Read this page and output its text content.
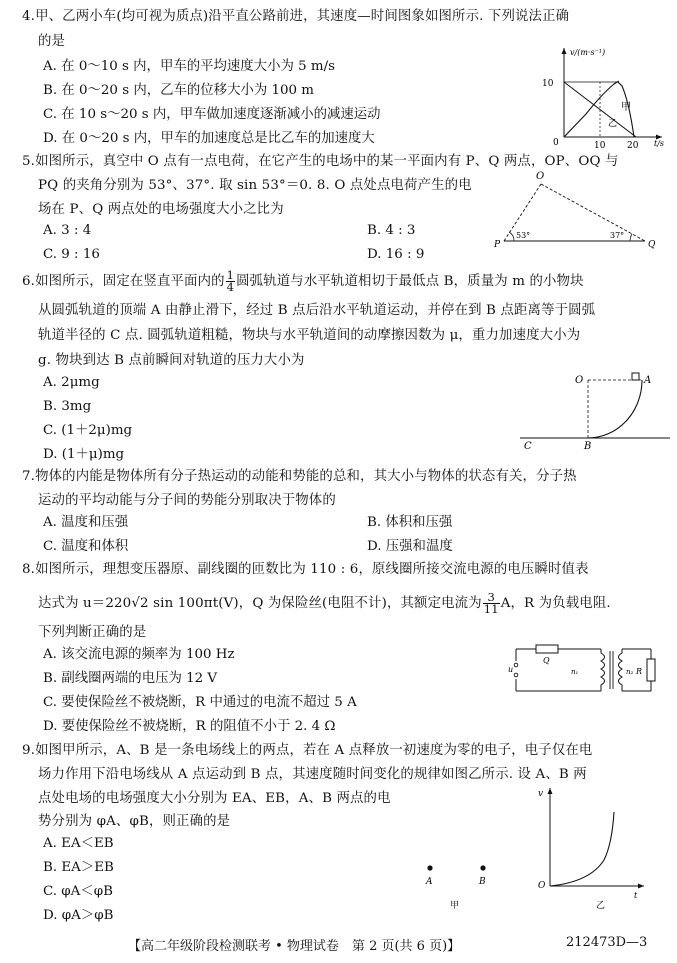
4.甲、乙两小车(均可视为质点)沿平直公路前进，其速度—时间图象如图所示. 下列说法正确
的是
A. 在 0～10 s 内，甲车的平均速度大小为 5 m/s
B. 在 0～20 s 内，乙车的位移大小为 100 m
C. 在 10 s～20 s 内，甲车做加速度逐渐减小的减速运动
D. 在 0～20 s 内，甲车的加速度总是比乙车的加速度大
v/(m·s⁻¹)
10
甲
乙
0	10 20 t/s
5.如图所示，真空中 O 点有一点电荷，在它产生的电场中的某一平面内有 P、Q 两点，OP、OQ 与
PQ 的夹角分别为 53°、37°. 取 sin 53°＝0. 8. O 点处点电荷产生的电
场在 P、Q 两点处的电场强度大小之比为
A. 3 : 4	B. 4 : 3
C. 9 : 16	D. 16 : 9
O
P	Q
53°	37°
6.如图所示，固定在竖直平面内的 $\frac{1}{4}$ 圆弧轨道与水平轨道相切于最低点 B，质量为 m 的小物块
从圆弧轨道的顶端 A 由静止滑下，经过 B 点后沿水平轨道运动，并停在到 B 点距离等于圆弧
轨道半径的 C 点. 圆弧轨道粗糙，物块与水平轨道间的动摩擦因数为 μ，重力加速度大小为
g. 物块到达 B 点前瞬间对轨道的压力大小为
A. 2μmg
B. 3mg
C. (1＋2μ)mg
D. (1＋μ)mg
O	A
B
C
7.物体的内能是物体所有分子热运动的动能和势能的总和，其大小与物体的状态有关，分子热
运动的平均动能与分子间的势能分别取决于物体的
A. 温度和压强	B. 体积和压强
C. 温度和体积	D. 压强和温度
8.如图所示，理想变压器原、副线圈的匝数比为 110 : 6，原线圈所接交流电源的电压瞬时值表
达式为 u＝220√2 sin 100πt(V)，Q 为保险丝(电阻不计)，其额定电流为 $\frac{3}{11}$ A，R 为负载电阻.
下列判断正确的是
A. 该交流电源的频率为 100 Hz
B. 副线圈两端的电压为 12 V
C. 要使保险丝不被烧断，R 中通过的电流不超过 5 A
D. 要使保险丝不被烧断，R 的阻值不小于 2. 4 Ω
u
Q
n₁	n₂ R
9.如图甲所示，A、B 是一条电场线上的两点，若在 A 点释放一初速度为零的电子，电子仅在电
场力作用下沿电场线从 A 点运动到 B 点，其速度随时间变化的规律如图乙所示. 设 A、B 两
点处电场的电场强度大小分别为 EA、EB，A、B 两点的电
势分别为 φA、φB，则正确的是
A. EA＜EB
B. EA＞EB
C. φA＜φB
D. φA＞φB
A	B
甲
v
O
t
乙
【高二年级阶段检测联考 • 物理试卷　第 2 页(共 6 页)】	212473D—3
